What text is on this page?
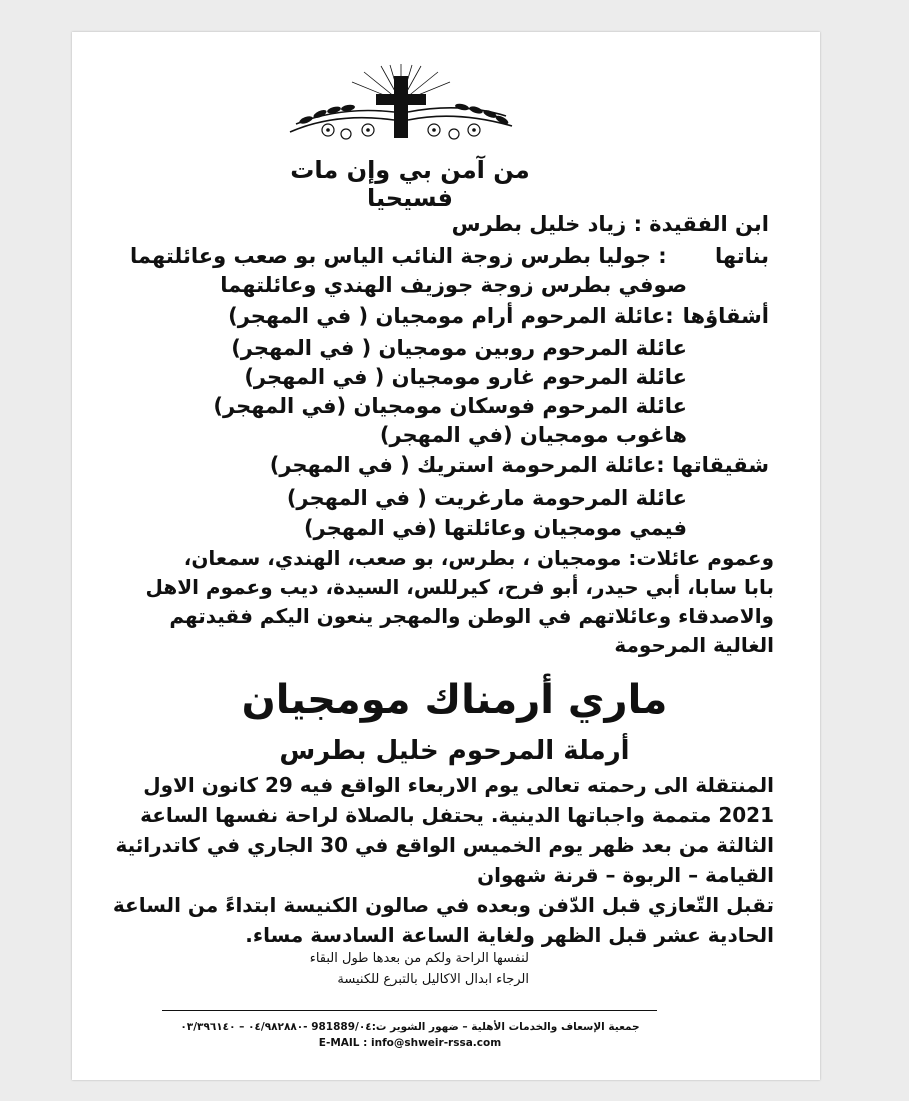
من آمن بي وإن مات فسيحيا
ابن الفقيدة : زياد خليل بطرس
بناتها : جوليا بطرس زوجة النائب الياس بو صعب وعائلتهما
صوفي بطرس زوجة جوزيف الهندي وعائلتهما
أشقاؤها :عائلة المرحوم أرام مومجيان ( في المهجر)
عائلة المرحوم روبين مومجيان ( في المهجر)
عائلة المرحوم غارو مومجيان ( في المهجر)
عائلة المرحوم فوسكان مومجيان (في المهجر)
هاغوب مومجيان (في المهجر)
شقيقاتها :عائلة المرحومة استريك ( في المهجر)
عائلة المرحومة مارغريت ( في المهجر)
فيمي مومجيان وعائلتها (في المهجر)
وعموم عائلات: مومجيان ، بطرس، بو صعب، الهندي، سمعان،
بابا سابا، أبي حيدر، أبو فرح، كيرللس، السيدة، ديب وعموم الاهل
والاصدقاء وعائلاتهم في الوطن والمهجر ينعون اليكم فقيدتهم
الغالية المرحومة
ماري أرمناك مومجيان
أرملة المرحوم خليل بطرس
المنتقلة الى رحمته تعالى يوم الاربعاء الواقع فيه 29 كانون الاول
2021 متممة واجباتها الدينية. يحتفل بالصلاة لراحة نفسها الساعة
الثالثة من بعد ظهر يوم الخميس الواقع في 30 الجاري في كاتدرائية
القيامة – الربوة – قرنة شهوان
تقبل التّعازي قبل الدّفن وبعده في صالون الكنيسة ابتداءً من الساعة
الحادية عشر قبل الظهر ولغاية الساعة السادسة مساء.
لنفسها الراحة ولكم من بعدها طول البقاء
الرجاء ابدال الاكاليل بالتبرع للكنيسة
جمعية الإسعاف والخدمات الأهلية – ضهور الشوير ت:981889/٠٤ -٠٤/٩٨٢٨٨٠ – ٠٣/٣٩٦١٤٠
E-MAIL : info@shweir-rssa.com
